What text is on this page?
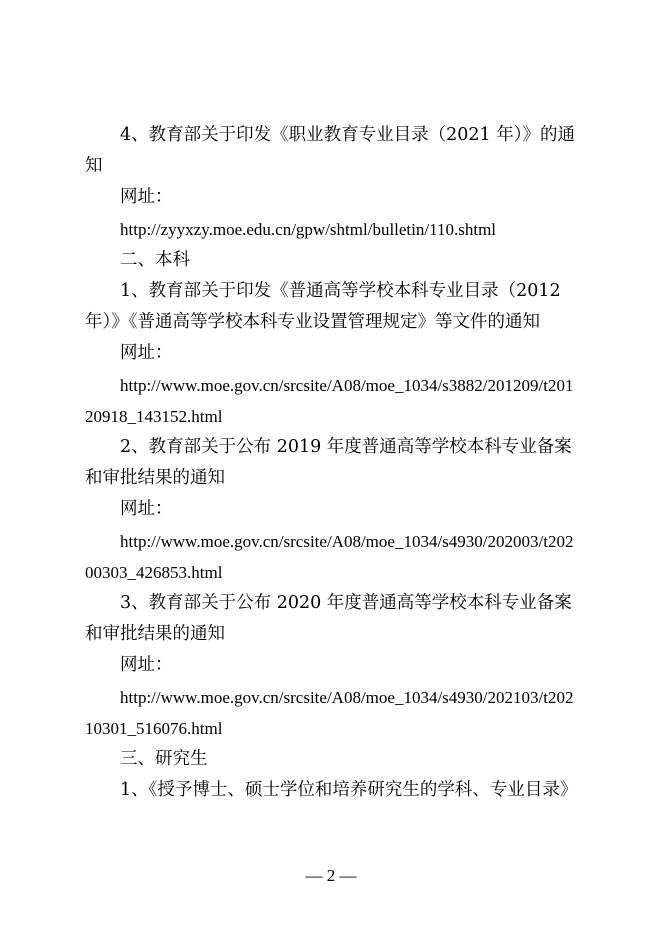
4、教育部关于印发《职业教育专业目录（2021 年）》的通知

网址：

http://zyyxzy.moe.edu.cn/gpw/shtml/bulletin/110.shtml

二、本科

1、教育部关于印发《普通高等学校本科专业目录（2012 年）》《普通高等学校本科专业设置管理规定》等文件的通知

网址：

http://www.moe.gov.cn/srcsite/A08/moe_1034/s3882/201209/t20120918_143152.html

2、教育部关于公布 2019 年度普通高等学校本科专业备案和审批结果的通知

网址：

http://www.moe.gov.cn/srcsite/A08/moe_1034/s4930/202003/t20200303_426853.html

3、教育部关于公布 2020 年度普通高等学校本科专业备案和审批结果的通知

网址：

http://www.moe.gov.cn/srcsite/A08/moe_1034/s4930/202103/t20210301_516076.html

三、研究生

1、《授予博士、硕士学位和培养研究生的学科、专业目录》

— 2 —
